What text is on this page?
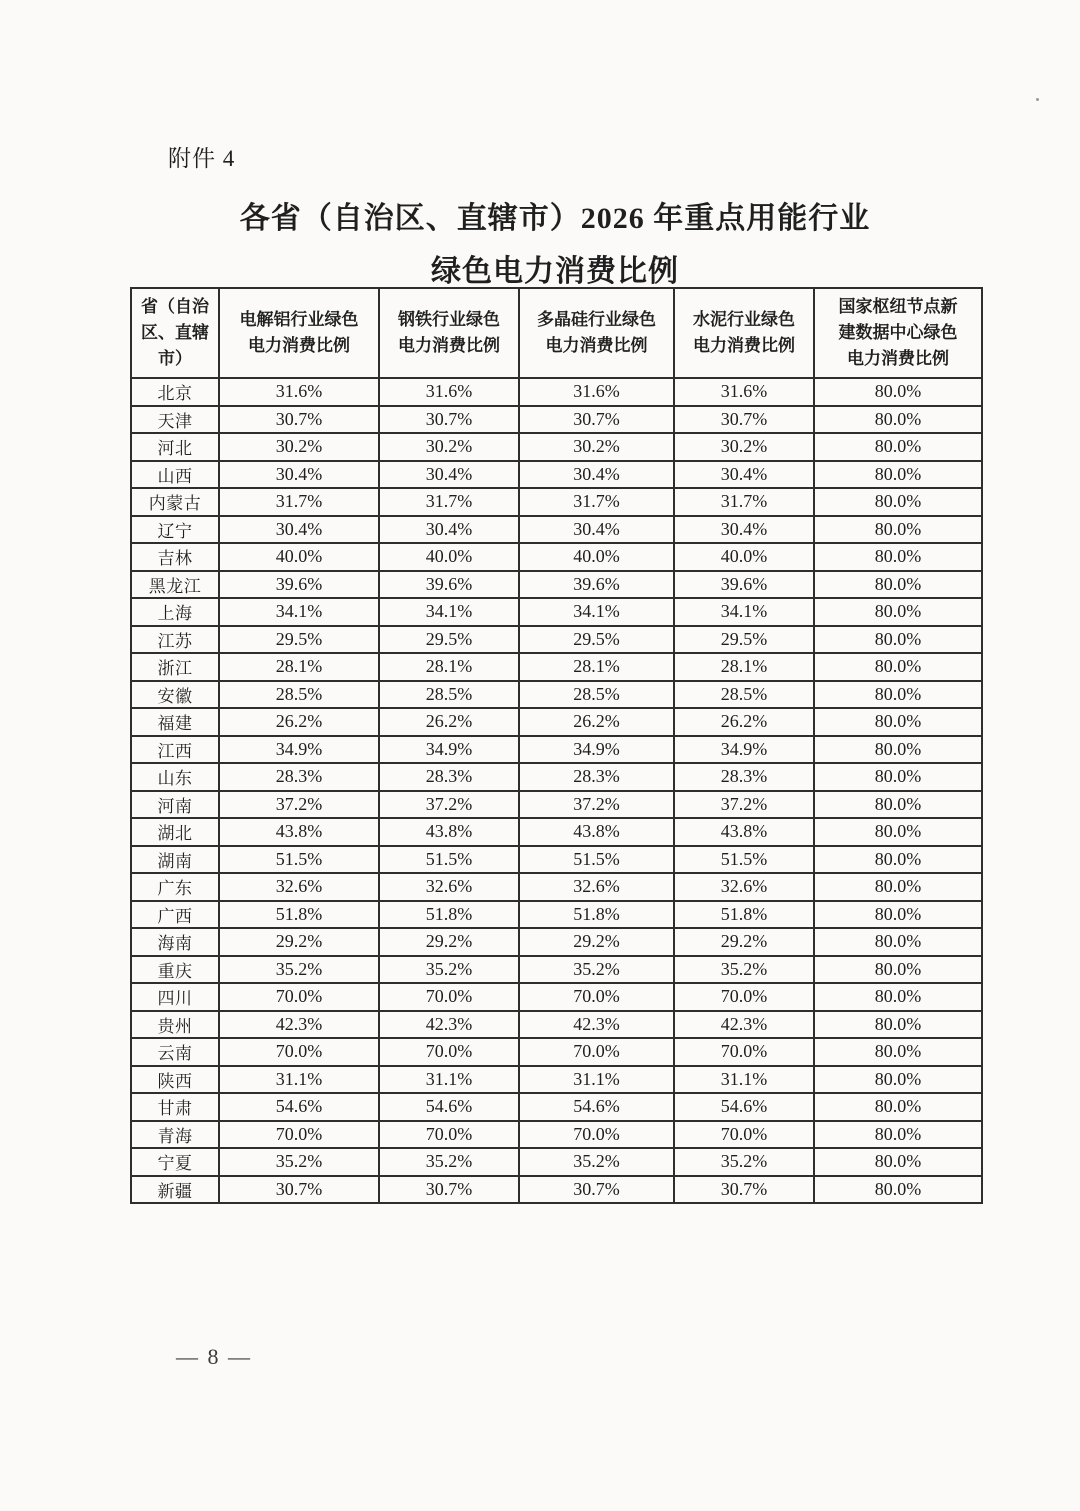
附件 4
各省（自治区、直辖市）2026 年重点用能行业
绿色电力消费比例
省（自治区、直辖市）	电解铝行业绿色电力消费比例	钢铁行业绿色电力消费比例	多晶硅行业绿色电力消费比例	水泥行业绿色电力消费比例	国家枢纽节点新建数据中心绿色电力消费比例
北京	31.6%	31.6%	31.6%	31.6%	80.0%
天津	30.7%	30.7%	30.7%	30.7%	80.0%
河北	30.2%	30.2%	30.2%	30.2%	80.0%
山西	30.4%	30.4%	30.4%	30.4%	80.0%
内蒙古	31.7%	31.7%	31.7%	31.7%	80.0%
辽宁	30.4%	30.4%	30.4%	30.4%	80.0%
吉林	40.0%	40.0%	40.0%	40.0%	80.0%
黑龙江	39.6%	39.6%	39.6%	39.6%	80.0%
上海	34.1%	34.1%	34.1%	34.1%	80.0%
江苏	29.5%	29.5%	29.5%	29.5%	80.0%
浙江	28.1%	28.1%	28.1%	28.1%	80.0%
安徽	28.5%	28.5%	28.5%	28.5%	80.0%
福建	26.2%	26.2%	26.2%	26.2%	80.0%
江西	34.9%	34.9%	34.9%	34.9%	80.0%
山东	28.3%	28.3%	28.3%	28.3%	80.0%
河南	37.2%	37.2%	37.2%	37.2%	80.0%
湖北	43.8%	43.8%	43.8%	43.8%	80.0%
湖南	51.5%	51.5%	51.5%	51.5%	80.0%
广东	32.6%	32.6%	32.6%	32.6%	80.0%
广西	51.8%	51.8%	51.8%	51.8%	80.0%
海南	29.2%	29.2%	29.2%	29.2%	80.0%
重庆	35.2%	35.2%	35.2%	35.2%	80.0%
四川	70.0%	70.0%	70.0%	70.0%	80.0%
贵州	42.3%	42.3%	42.3%	42.3%	80.0%
云南	70.0%	70.0%	70.0%	70.0%	80.0%
陕西	31.1%	31.1%	31.1%	31.1%	80.0%
甘肃	54.6%	54.6%	54.6%	54.6%	80.0%
青海	70.0%	70.0%	70.0%	70.0%	80.0%
宁夏	35.2%	35.2%	35.2%	35.2%	80.0%
新疆	30.7%	30.7%	30.7%	30.7%	80.0%
— 8 —
